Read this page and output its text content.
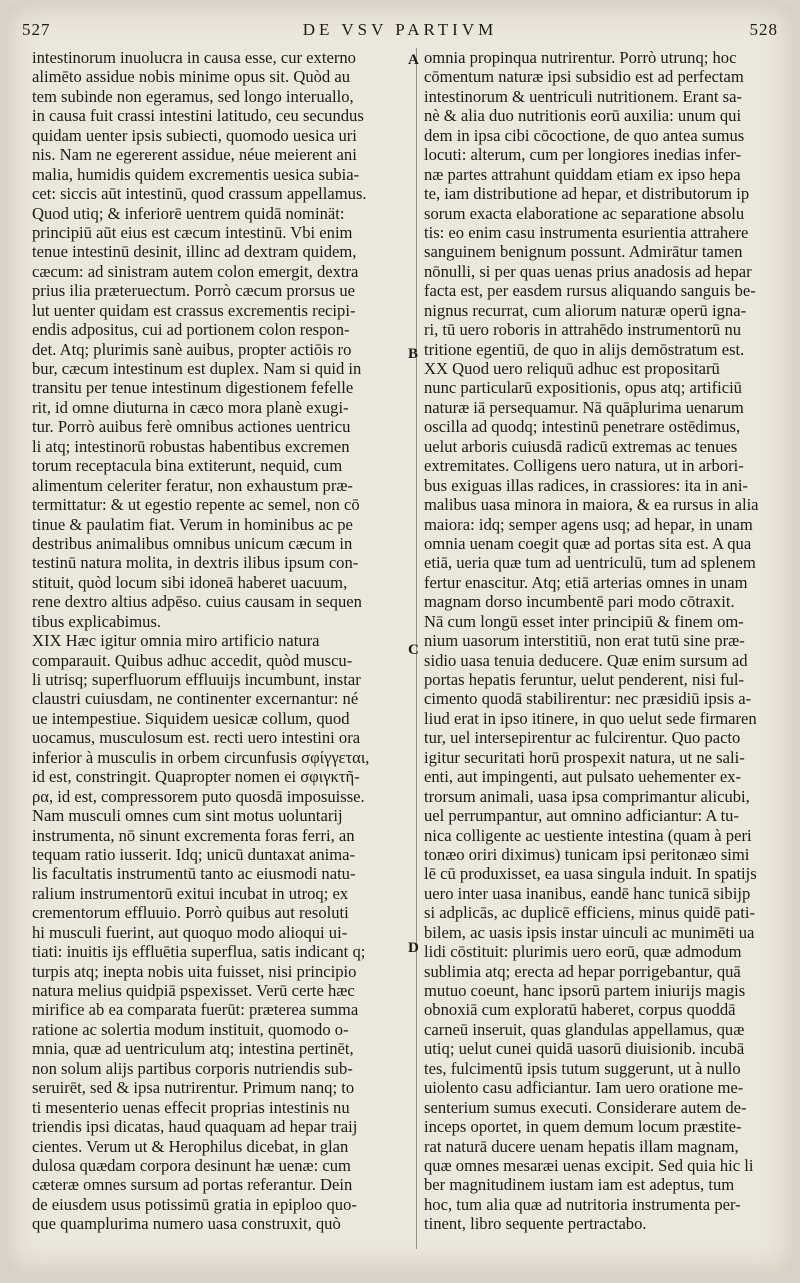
527	DE VSV PARTIVM	528
A
B
C
D
intestinorum inuolucra in causa esse, cur externo
alimēto assidue nobis minime opus sit. Quòd au
tem subinde non egeramus, sed longo interuallo,
in causa fuit crassi intestini latitudo, ceu secundus
quidam uenter ipsis subiecti, quomodo uesica uri
nis. Nam ne egererent assidue, néue meierent ani
malia, humidis quidem excrementis uesica subia-
cet: siccis aūt intestinū, quod crassum appellamus.
Quod utiq; & inferiorē uentrem quidā nominät:
principiū aūt eius est cæcum intestinū. Vbi enim
tenue intestinū desinit, illinc ad dextram quidem,
cæcum: ad sinistram autem colon emergit, dextra
prius ilia præteruectum. Porrò cæcum prorsus ue
lut uenter quidam est crassus excrementis recipi-
endis adpositus, cui ad portionem colon respon-
det. Atq; plurimis sanè auibus, propter actiōis ro
bur, cæcum intestinum est duplex. Nam si quid in
transitu per tenue intestinum digestionem fefelle
rit, id omne diuturna in cæco mora planè exugi-
tur. Porrò auibus ferè omnibus actiones uentricu
li atq; intestinorū robustas habentibus excremen
torum receptacula bina extiterunt, nequid, cum
alimentum celeriter feratur, non exhaustum præ-
termittatur: & ut egestio repente ac semel, non cō
tinue & paulatim fiat. Verum in hominibus ac pe
destribus animalibus omnibus unicum cæcum in
testinū natura molita, in dextris ilibus ipsum con-
stituit, quòd locum sibi idoneā haberet uacuum,
rene dextro altius adpēso. cuius causam in sequen
tibus explicabimus.
XIX Hæc igitur omnia miro artificio natura
comparauit. Quibus adhuc accedit, quòd muscu-
li utrisq; superfluorum effluuijs incumbunt, instar
claustri cuiusdam, ne continenter excernantur: né
ue intempestiue. Siquidem uesicæ collum, quod
uocamus, musculosum est. recti uero intestini ora
inferior à musculis in orbem circunfusis σφίγγεται,
id est, constringit. Quapropter nomen ei σφιγκτῆ-
ρα, id est, compressorem puto quosdā imposuisse.
Nam musculi omnes cum sint motus uoluntarij
instrumenta, nō sinunt excrementa foras ferri, an
tequam ratio iusserit. Idq; unicū duntaxat anima-
lis facultatis instrumentū tanto ac eiusmodi natu-
ralium instrumentorū exitui incubat in utroq; ex
crementorum effluuio. Porrò quibus aut resoluti
hi musculi fuerint, aut quoquo modo alioqui ui-
tiati: inuitis ijs effluētia superflua, satis indicant q;
turpis atq; inepta nobis uita fuisset, nisi principio
natura melius quidpiā pspexisset. Verū certe hæc
mirifice ab ea comparata fuerūt: præterea summa
ratione ac solertia modum instituit, quomodo o-
mnia, quæ ad uentriculum atq; intestina pertinēt,
non solum alijs partibus corporis nutriendis sub-
seruirēt, sed & ipsa nutrirentur. Primum nanq; to
ti mesenterio uenas effecit proprias intestinis nu
triendis ipsi dicatas, haud quaquam ad hepar traij
cientes. Verum ut & Herophilus dicebat, in glan
dulosa quædam corpora desinunt hæ uenæ: cum
cæteræ omnes sursum ad portas referantur. Dein
de eiusdem usus potissimū gratia in epiploo quo-
que quamplurima numero uasa construxit, quò
omnia propinqua nutrirentur. Porrò utrunq; hoc
cōmentum naturæ ipsi subsidio est ad perfectam
intestinorum & uentriculi nutritionem. Erant sa-
nè & alia duo nutritionis eorū auxilia: unum qui
dem in ipsa cibi cōcoctione, de quo antea sumus
locuti: alterum, cum per longiores inedias infer-
næ partes attrahunt quiddam etiam ex ipso hepa
te, iam distributione ad hepar, et distributorum ip
sorum exacta elaboratione ac separatione absolu
tis: eo enim casu instrumenta esurientia attrahere
sanguinem benignum possunt. Admirātur tamen
nōnulli, si per quas uenas prius anadosis ad hepar
facta est, per easdem rursus aliquando sanguis be-
nignus recurrat, cum aliorum naturæ operū igna-
ri, tū uero roboris in attrahēdo instrumentorū nu
tritione egentiū, de quo in alijs demōstratum est.
XX Quod uero reliquū adhuc est propositarū
nunc particularū expositionis, opus atq; artificiū
naturæ iā persequamur. Nā quāplurima uenarum
oscilla ad quodq; intestinū penetrare ostēdimus,
uelut arboris cuiusdā radicū extremas ac tenues
extremitates. Colligens uero natura, ut in arbori-
bus exiguas illas radices, in crassiores: ita in ani-
malibus uasa minora in maiora, & ea rursus in alia
maiora: idq; semper agens usq; ad hepar, in unam
omnia uenam coegit quæ ad portas sita est. A qua
etiā, ueria quæ tum ad uentriculū, tum ad splenem
fertur enascitur. Atq; etiā arterias omnes in unam
magnam dorso incumbentē pari modo cōtraxit.
Nā cum longū esset inter principiū & finem om-
nium uasorum interstitiū, non erat tutū sine præ-
sidio uasa tenuia deducere. Quæ enim sursum ad
portas hepatis feruntur, uelut penderent, nisi ful-
cimento quodā stabilirentur: nec præsidiū ipsis a-
liud erat in ipso itinere, in quo uelut sede firmaren
tur, uel intersepirentur ac fulcirentur. Quo pacto
igitur securitati horū prospexit natura, ut ne sali-
enti, aut impingenti, aut pulsato uehementer ex-
trorsum animali, uasa ipsa comprimantur alicubi,
uel perrumpantur, aut omnino adficiantur: A tu-
nica colligente ac uestiente intestina (quam à peri
tonæo oriri diximus) tunicam ipsi peritonæo simi
lē cū produxisset, ea uasa singula induit. In spatijs
uero inter uasa inanibus, eandē hanc tunicā sibijp
si adplicās, ac duplicē efficiens, minus quidē pati-
bilem, ac uasis ipsis instar uinculi ac munimēti ua
lidi cōstituit: plurimis uero eorū, quæ admodum
sublimia atq; erecta ad hepar porrigebantur, quā
mutuo coeunt, hanc ipsorū partem iniurijs magis
obnoxiā cum exploratū haberet, corpus quoddā
carneū inseruit, quas glandulas appellamus, quæ
utiq; uelut cunei quidā uasorū diuisionib. incubā
tes, fulcimentū ipsis tutum suggerunt, ut à nullo
uiolento casu adficiantur. Iam uero oratione me-
senterium sumus executi. Considerare autem de-
inceps oportet, in quem demum locum præstite-
rat naturā ducere uenam hepatis illam magnam,
quæ omnes mesaræi uenas excipit. Sed quia hic li
ber magnitudinem iustam iam est adeptus, tum
hoc, tum alia quæ ad nutritoria instrumenta per-
tinent, libro sequente pertractabo.
